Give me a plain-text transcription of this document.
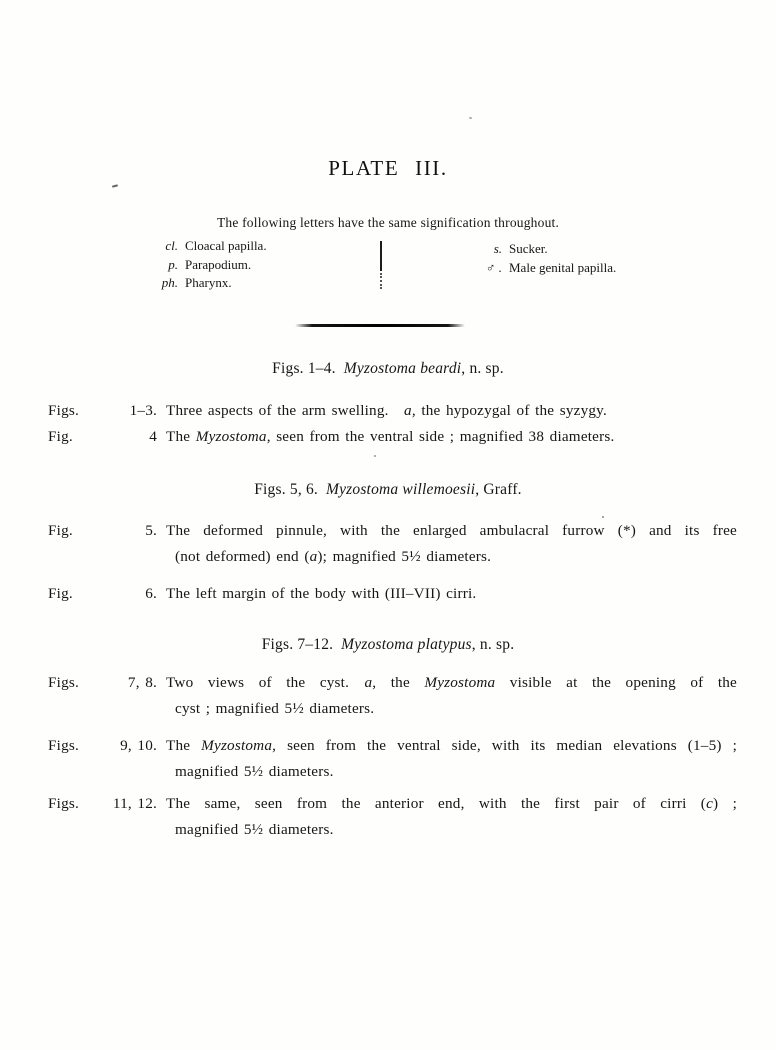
PLATE III.
The following letters have the same signification throughout.
cl. Cloacal papilla.
p. Parapodium.
ph. Pharynx.
s. Sucker.
♂ . Male genital papilla.
Figs. 1–4. Myzostoma beardi, n. sp.
Figs.	1–3. Three aspects of the arm swelling. a, the hypozygal of the syzygy.
Fig.	4 The Myzostoma, seen from the ventral side ; magnified 38 diameters.
Figs. 5, 6. Myzostoma willemoesii, Graff.
Fig.	5. The deformed pinnule, with the enlarged ambulacral furrow (*) and its free
(not deformed) end (a); magnified 5½ diameters.
Fig.	6. The left margin of the body with (III–VII) cirri.
Figs. 7–12. Myzostoma platypus, n. sp.
Figs.	7, 8. Two views of the cyst. a, the Myzostoma visible at the opening of the
cyst ; magnified 5½ diameters.
Figs.	9, 10. The Myzostoma, seen from the ventral side, with its median elevations (1–5) ;
magnified 5½ diameters.
Figs.	11, 12. The same, seen from the anterior end, with the first pair of cirri (c) ;
magnified 5½ diameters.
